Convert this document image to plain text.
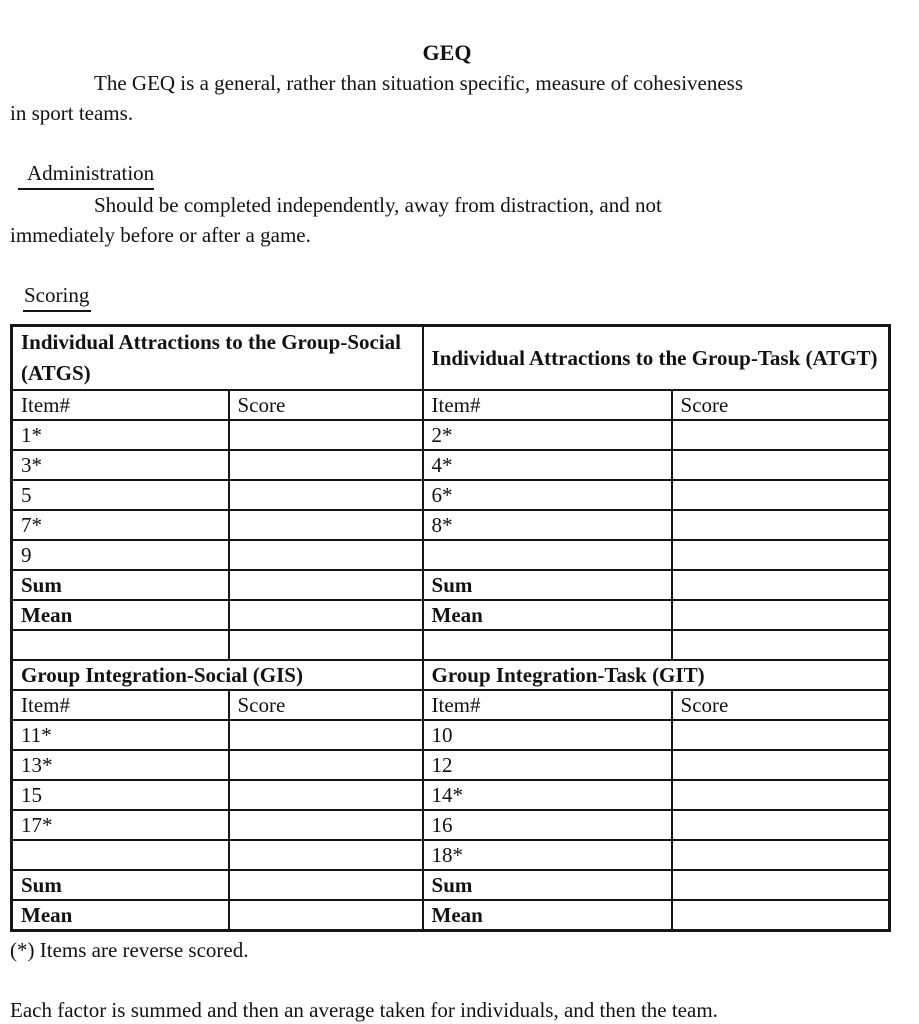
GEQ
The GEQ is a general, rather than situation specific, measure of cohesiveness
in sport teams.
Administration
Should be completed independently, away from distraction, and not
immediately before or after a game.
Scoring
Individual Attractions to the Group-Social (ATGS)		Individual Attractions to the Group-Task (ATGT)	
Item#	Score	Item#	Score
1*		2*	
3*		4*	
5		6*	
7*		8*	
9			
Sum		Sum	
Mean		Mean	

Group Integration-Social (GIS)		Group Integration-Task (GIT)	
Item#	Score	Item#	Score
11*		10	
13*		12	
15		14*	
17*		16	
		18*	
Sum		Sum	
Mean		Mean	
(*) Items are reverse scored.
Each factor is summed and then an average taken for individuals, and then the team.
